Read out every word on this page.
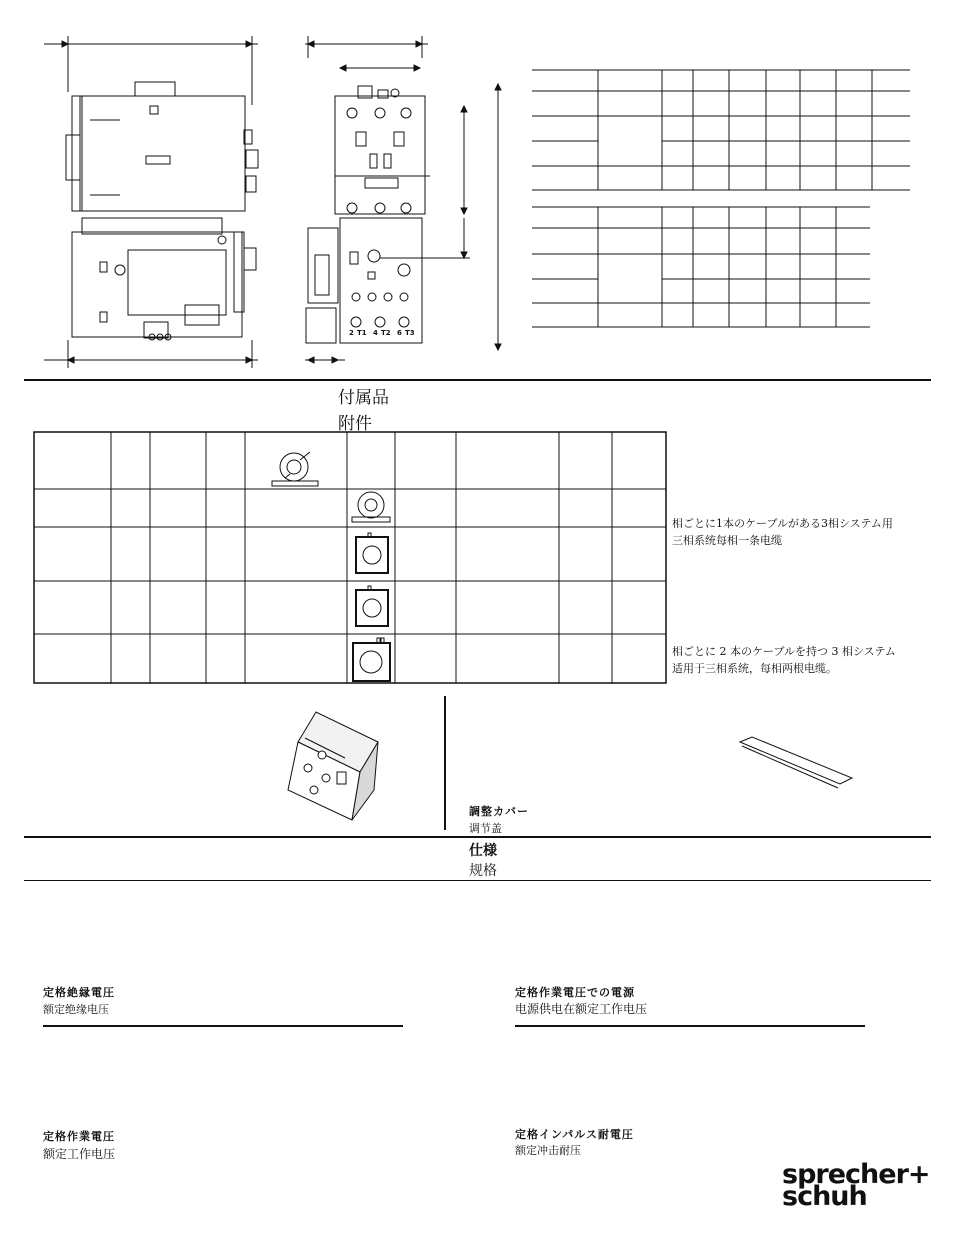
2 T1 4 T2 6 T3
付属品
附件
相ごとに1本のケーブルがある3相システム用
三相系统每相一条电缆
相ごとに 2 本のケーブルを持つ 3 相システム
适用于三相系统，每相两根电缆。
調整カバー
调节盖
仕様
规格
定格絶縁電圧
额定绝缘电压
定格作業電圧での電源
电源供电在额定工作电压
定格作業電圧
额定工作电压
定格インパルス耐電圧
额定冲击耐压
sprecher+
schuh
